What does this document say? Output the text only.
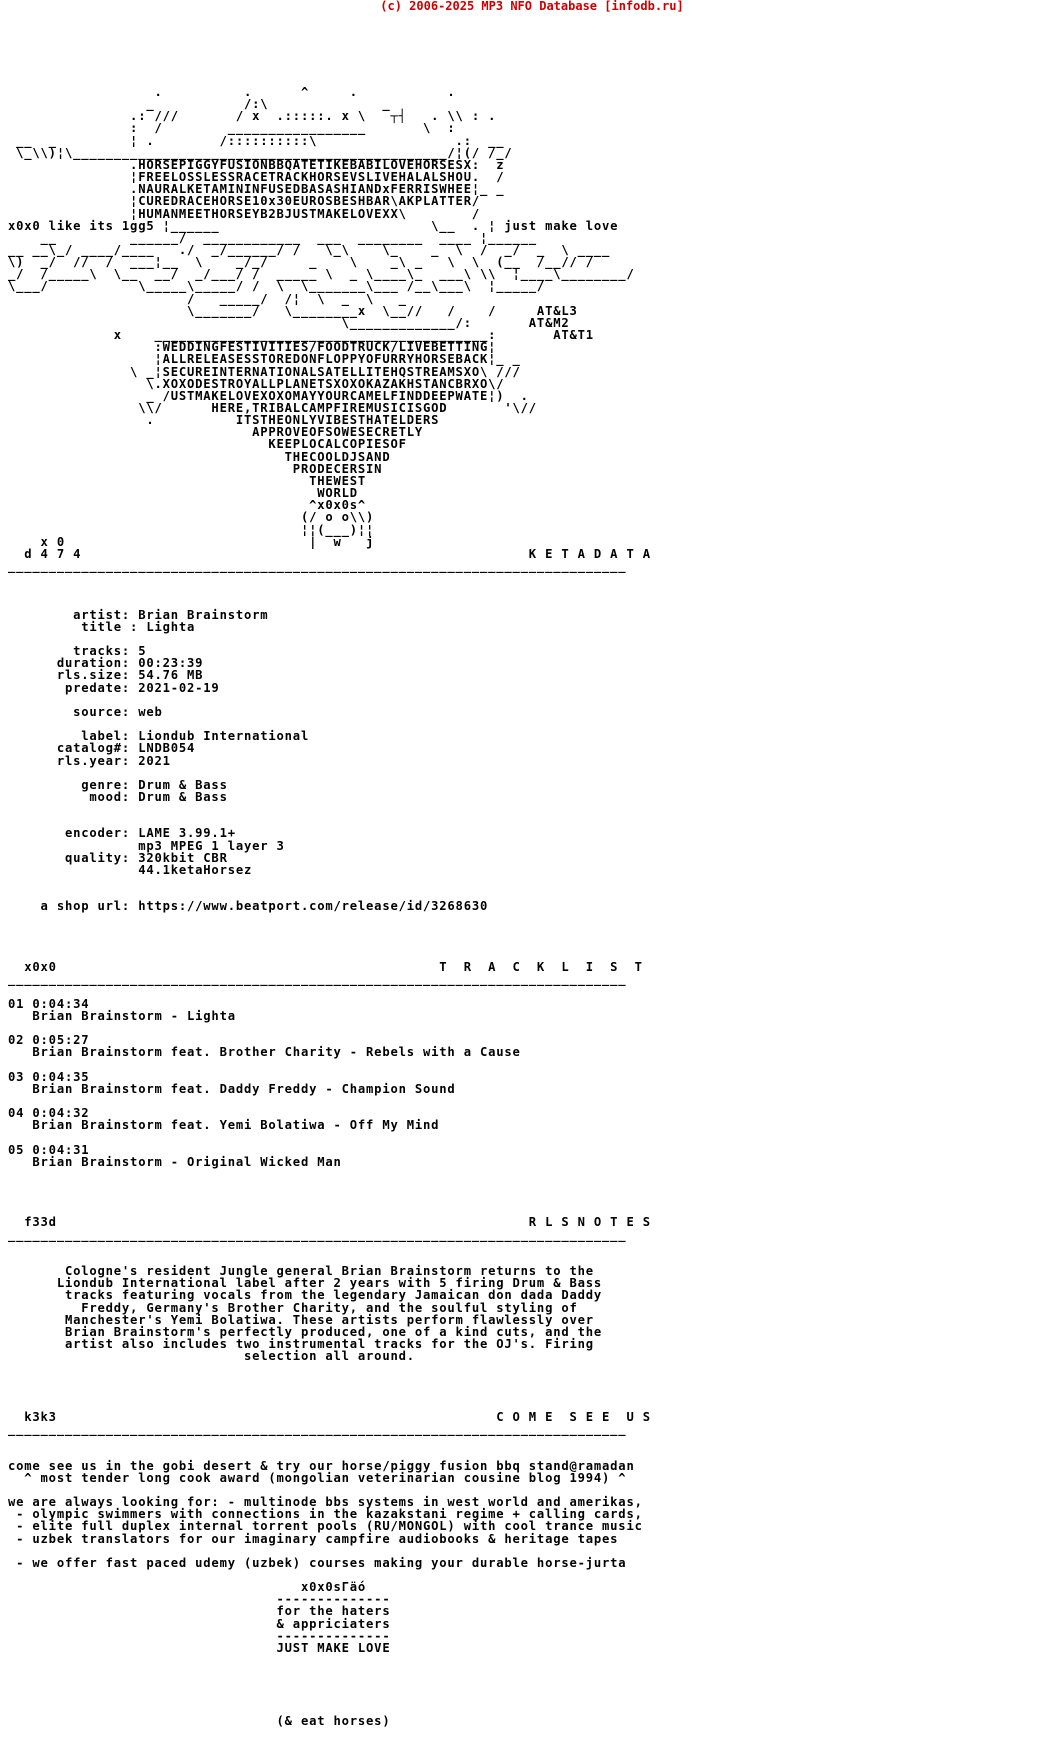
(c) 2006-2025 MP3 NFO Database [infodb.ru]

.          .      ^     .           .
_           /:\              _
.: ///       / x  .:::::. x \   ┬┤   . \\ : .
:  /        _________________       \  :
__  _         ¦ .        /::::::::::\                 .:  __
\_\\)¦\______________________________________________/¦(/ /_/
.HORSEPIGGYFUSIONBBQATETIKEBABILOVEHORSESX:  z
¦FREELOSSLESSRACETRACKHORSEVSLIVEHALALSHOU.  /
.NAURALKETAMININFUSEDBASASHIANDxFERRISWHEE¦_ _
¦CUREDRACEHORSE10x30EUROSBESHBAR\AKPLATTER/
¦HUMANMEETHORSEYB2BJUSTMAKELOVEXX\        /
x0x0 like its 1gg5 ¦______                          \__  . ¦ just make love
__         ______/  ____________  ___  ________  ____ ¦______
__ __\_/ ____/____   ./  _/______/ /   \_\    \_    _  \  /  _/  _  \ ____
\)  _/  //  /  ___¦__  \    _/_/     _    \    _\ _   \  \  (__  /__// /
_/  /_____\  \__  __/  _/___/ /  _____ \  _ \____\_  ___\ \\  ¦____\________/
\___/           \_____\_____/ /  \  \_______\___ /__\___\  ¦_____/
/   _____/  /¦  \  _  \   _
\_______/   \________x  \__//   /    /     AT&L3
\_____________/:       AT&M2
x    _________________________________________:       AT&T1
:WEDDINGFESTIVITIES/FOODTRUCK/LIVEBETTING¦
¦ALLRELEASESSTOREDONFLOPPYOFURRYHORSEBACK¦_ _
\ _¦SECUREINTERNATIONALSATELLITEHQSTREAMSXO\ ///
\.XOXODESTROYALLPLANETSXOXOKAZAKHSTANCBRXO\/
_ /USTMAKELOVEXOXOMAYYOURCAMELFINDDEEPWATE¦)  .
\\/      HERE,TRIBALCAMPFIREMUSICISGOD       '\//
.          ITSTHEONLYVIBESTHATELDERS
APPROVEOFSOWESECRETLY
KEEPLOCALCOPIESOF
THECOOLDJSAND
PRODECERSIN
THEWEST
WORLD
^x0x0s^
(/ o o\\)
¦¦(___)¦¦
x 0                              |  w   j
d 4 7 4                                                       K E T A D A T A
____________________________________________________________________________

artist: Brian Brainstorm
title : Lighta

tracks: 5
duration: 00:23:39
rls.size: 54.76 MB
predate: 2021-02-19

source: web

label: Liondub International
catalog#: LNDB054
rls.year: 2021

genre: Drum & Bass
mood: Drum & Bass

encoder: LAME 3.99.1+
mp3 MPEG 1 layer 3
quality: 320kbit CBR
44.1ketaHorsez

a shop url: https://www.beatport.com/release/id/3268630

x0x0                                               T  R  A  C  K  L  I  S  T
____________________________________________________________________________

01 0:04:34
Brian Brainstorm - Lighta

02 0:05:27
Brian Brainstorm feat. Brother Charity - Rebels with a Cause

03 0:04:35
Brian Brainstorm feat. Daddy Freddy - Champion Sound

04 0:04:32
Brian Brainstorm feat. Yemi Bolatiwa - Off My Mind

05 0:04:31
Brian Brainstorm - Original Wicked Man

f33d                                                          R L S N O T E S
____________________________________________________________________________

Cologne's resident Jungle general Brian Brainstorm returns to the
Liondub International label after 2 years with 5 firing Drum & Bass
tracks featuring vocals from the legendary Jamaican don dada Daddy
Freddy, Germany's Brother Charity, and the soulful styling of
Manchester's Yemi Bolatiwa. These artists perform flawlessly over
Brian Brainstorm's perfectly produced, one of a kind cuts, and the
artist also includes two instrumental tracks for the OJ's. Firing
selection all around.

k3k3                                                      C O M E  S E E  U S
____________________________________________________________________________

come see us in the gobi desert & try our horse/piggy fusion bbq stand@ramadan
^ most tender long cook award (mongolian veterinarian cousine blog 1994) ^

we are always looking for: - multinode bbs systems in west world and amerikas,
- olympic swimmers with connections in the kazakstani regime + calling cards,
- elite full duplex internal torrent pools (RU/MONGOL) with cool trance music
- uzbek translators for our imaginary campfire audiobooks & heritage tapes

- we offer fast paced udemy (uzbek) courses making your durable horse-jurta

x0x0sГäó
--------------
for the haters
& appriciaters
--------------
JUST MAKE LOVE

(& eat horses)
